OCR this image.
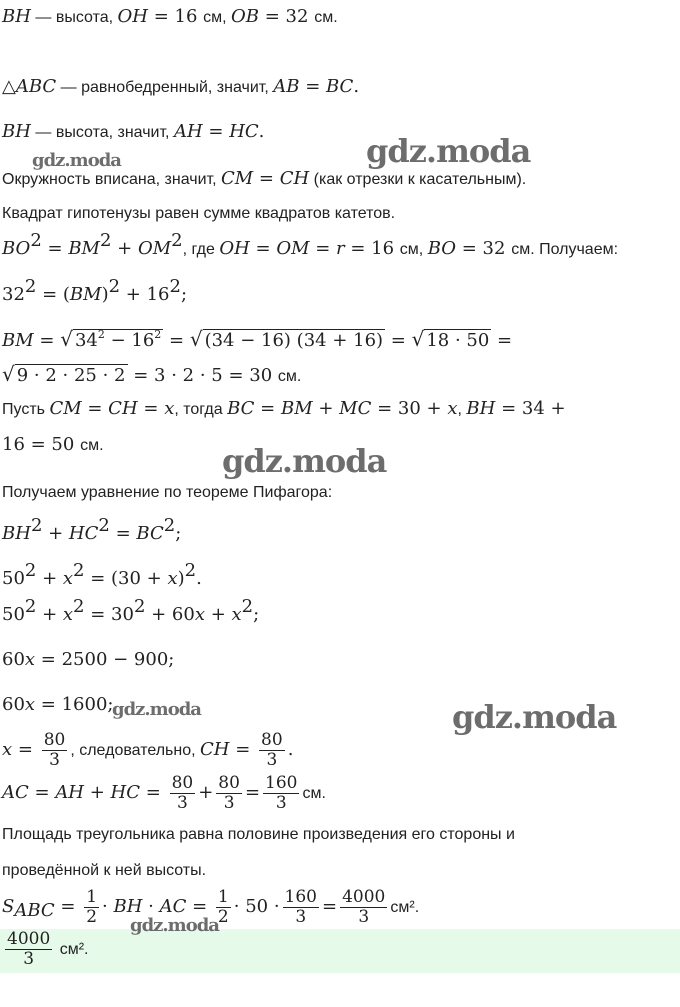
BH — высота, OH = 16 см, OB = 32 см.
△ABC — равнобедренный, значит, AB = BC.
BH — высота, значит, AH = HC.
Окружность вписана, значит, CM = CH (как отрезки к касательным).
Квадрат гипотенузы равен сумме квадратов катетов.
$BO^2 = BM^2 + OM^2$, где OH = OM = r = 16 см, BO = 32 см. Получаем:
$32^2 = (BM)^2 + 16^2$;
BM = √ $34^2 - 16^2$ = √ (34 − 16) (34 + 16) = √ 18 · 50 =
√ 9 · 2 · 25 · 2 = 3 · 2 · 5 = 30 см.
Пусть CM = CH = x, тогда BC = BM + MC = 30 + x, BH = 34 +
16 = 50 см.
Получаем уравнение по теореме Пифагора:
$BH^2 + HC^2 = BC^2$;
$50^2 + x^2 = (30 + x)^2$.
$50^2 + x^2 = 30^2 + 60x + x^2$;
60x = 2500 − 900;
60x = 1600;
$x = \frac{80}{3}$ , следовательно, CH = $\frac{80}{3}$ .
AC = AH + HC = $\frac{80}{3} + \frac{80}{3} = \frac{160}{3}$ см.
Площадь треугольника равна половине произведения его стороны и
проведённой к ней высоты.
$S_{ABC} = \frac{1}{2}$ · BH · AC = $\frac{1}{2} \cdot 50 \cdot \frac{160}{3} = \frac{4000}{3} см^2$.
$\frac{4000}{3} см^2$.
gdz.moda
gdz.moda
gdz.moda
gdz.moda	gdz.moda
gdz.moda
